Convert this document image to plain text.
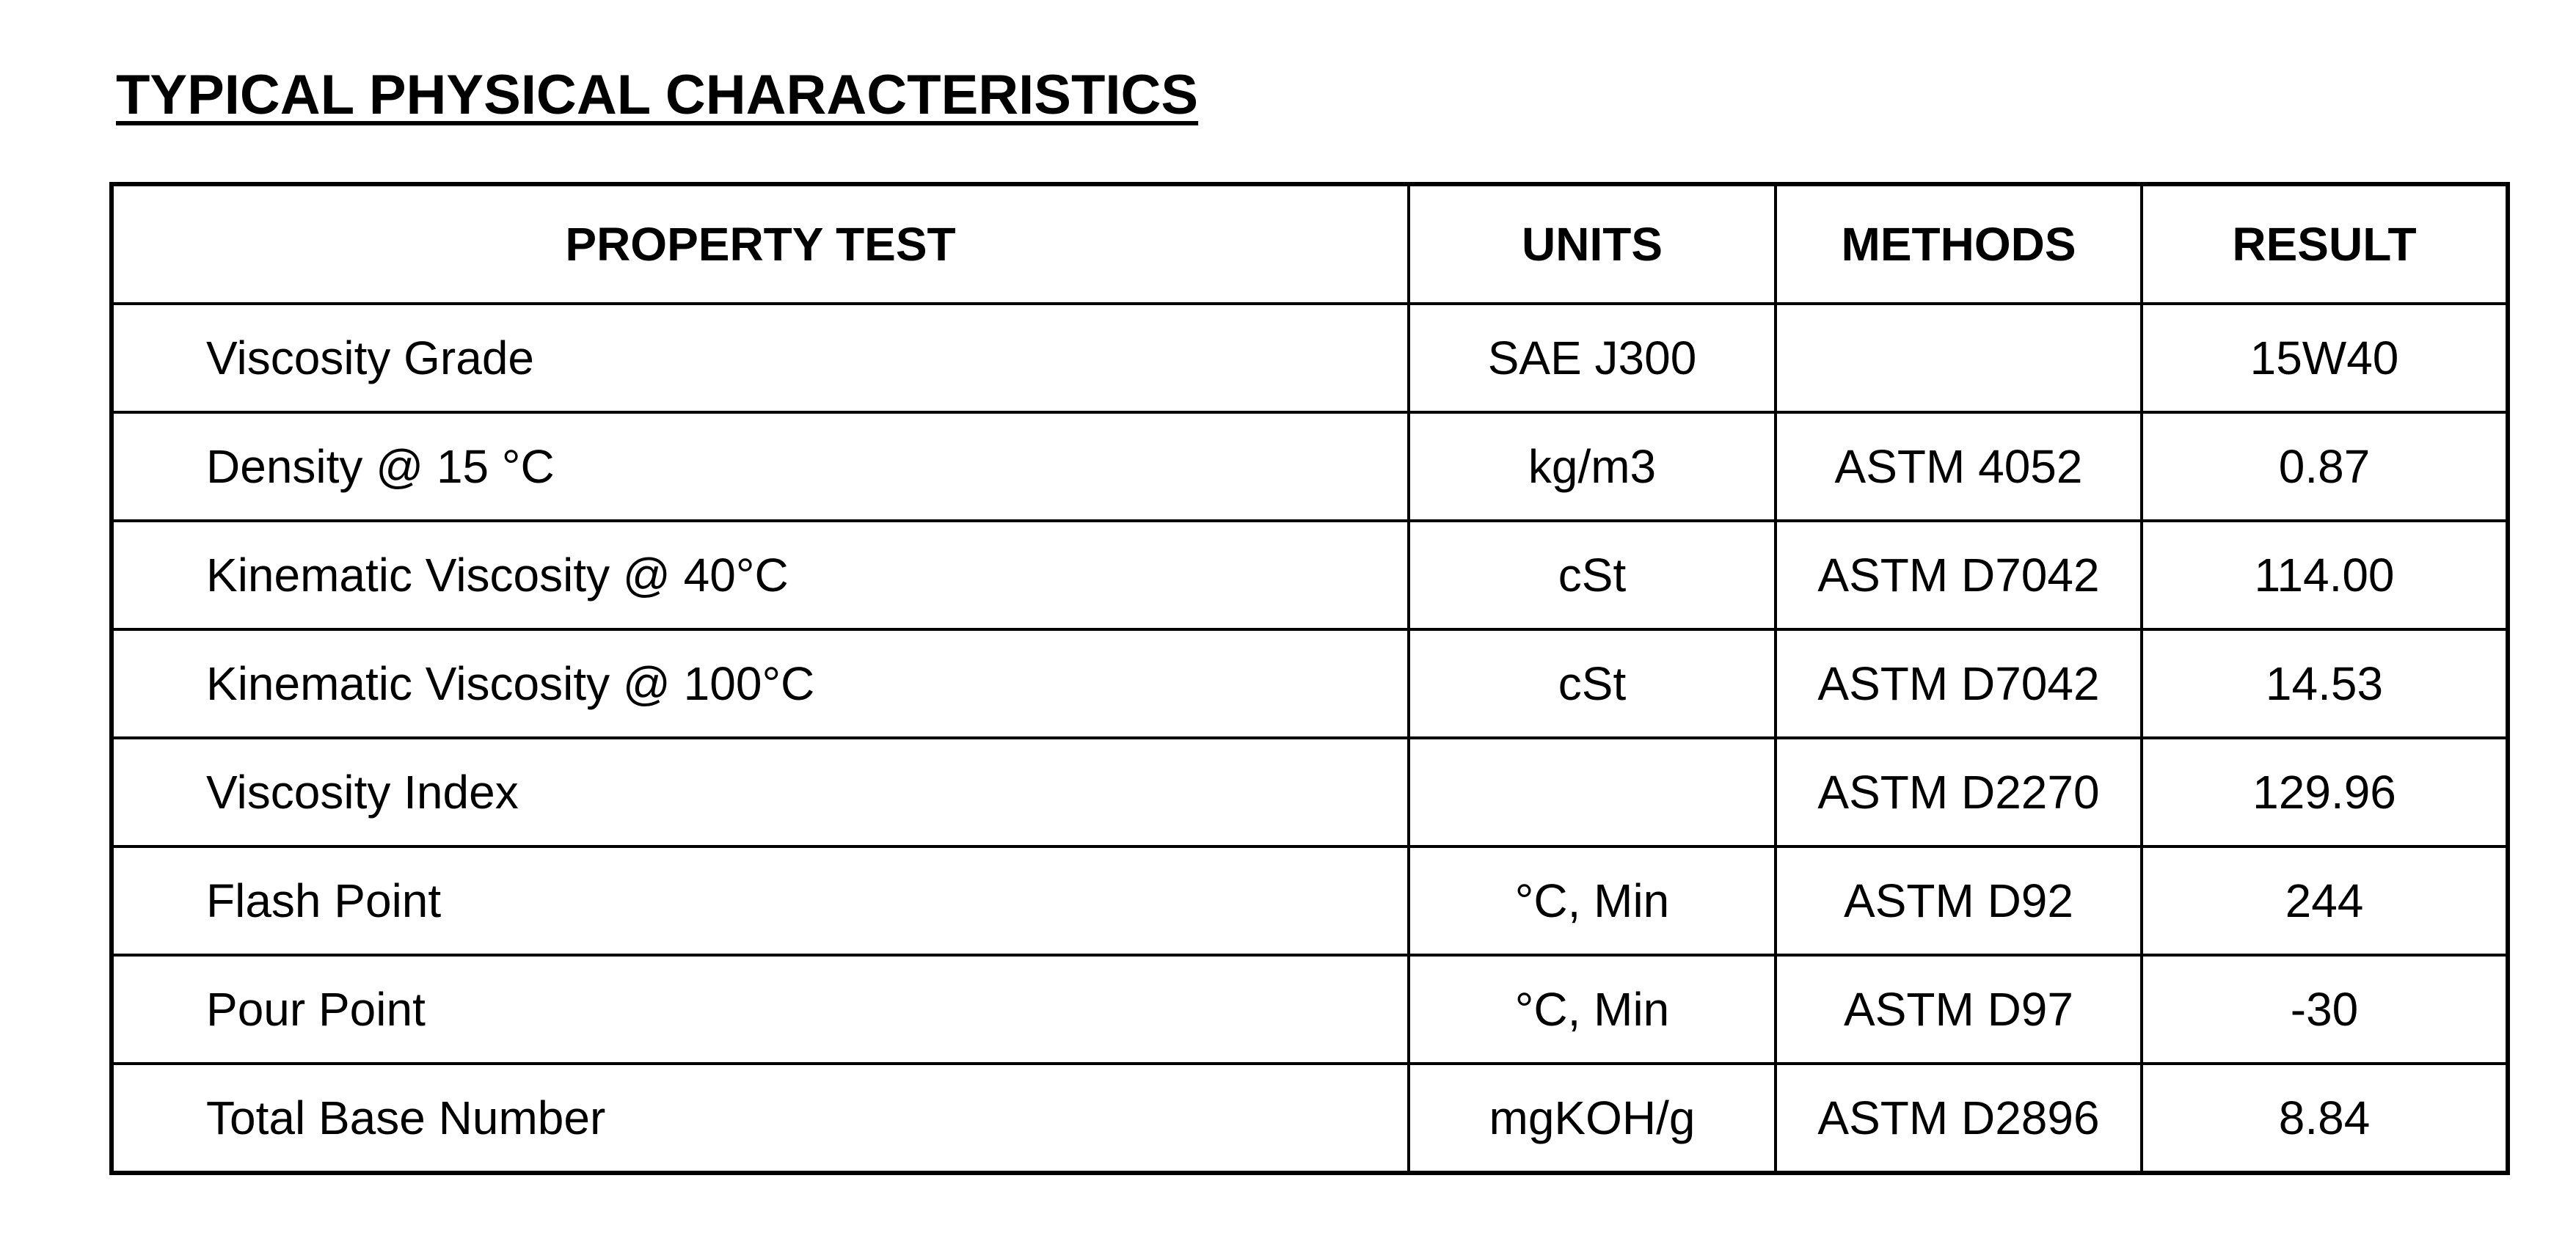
TYPICAL PHYSICAL CHARACTERISTICS
PROPERTY TEST	UNITS	METHODS	RESULT
Viscosity Grade	SAE J300		15W40
Density @ 15 °C	kg/m3	ASTM 4052	0.87
Kinematic Viscosity @ 40°C	cSt	ASTM D7042	114.00
Kinematic Viscosity @ 100°C	cSt	ASTM D7042	14.53
Viscosity Index		ASTM D2270	129.96
Flash Point	°C, Min	ASTM D92	244
Pour Point	°C, Min	ASTM D97	-30
Total Base Number	mgKOH/g	ASTM D2896	8.84
